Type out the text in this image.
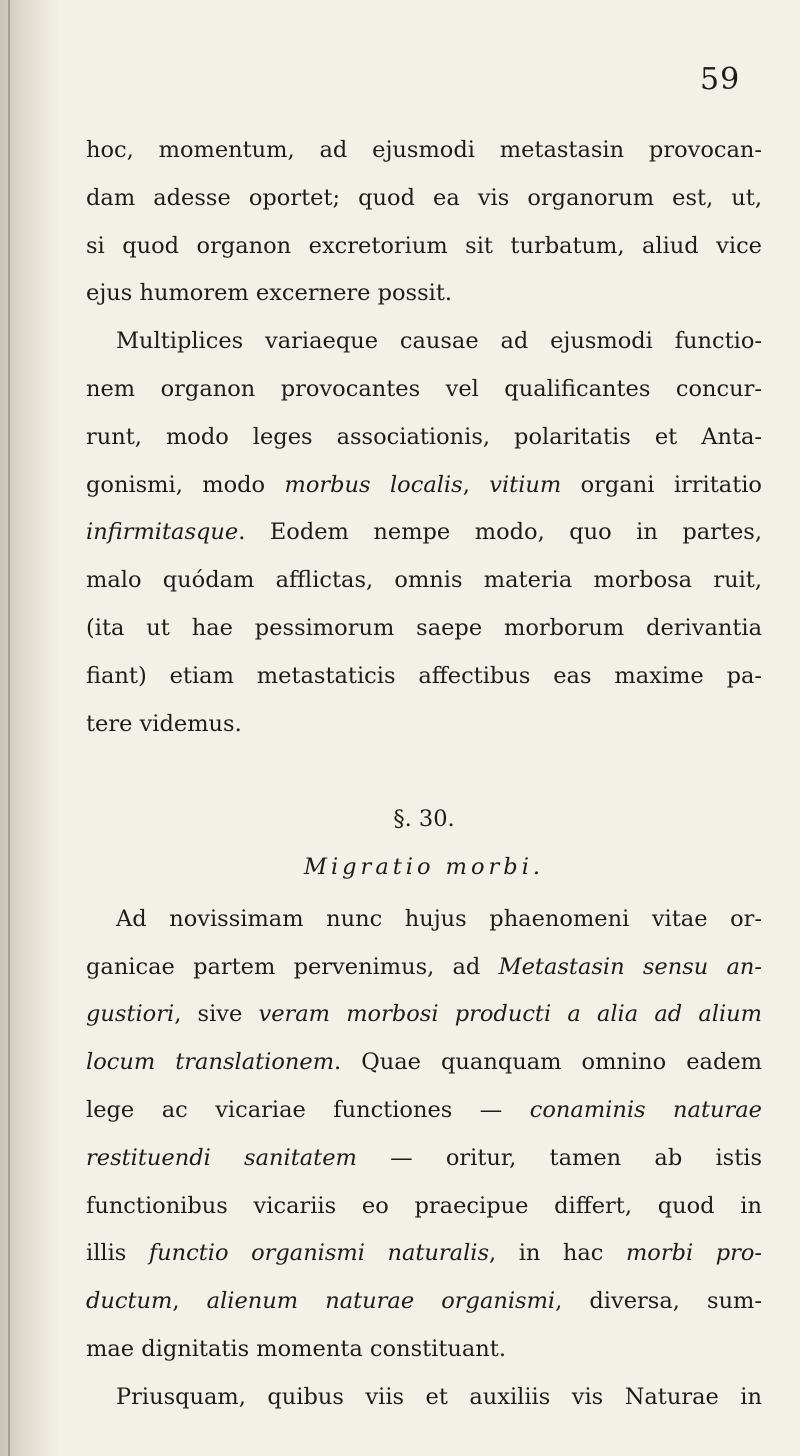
59
hoc, momentum, ad ejusmodi metastasin provocan-
dam adesse oportet; quod ea vis organorum est, ut,
si quod organon excretorium sit turbatum, aliud vice
ejus humorem excernere possit.
Multiplices variaeque causae ad ejusmodi functio-
nem organon provocantes vel qualificantes concur-
runt, modo leges associationis, polaritatis et Anta-
gonismi, modo morbus localis, vitium organi irritatio
infirmitasque. Eodem nempe modo, quo in partes,
malo quódam afflictas, omnis materia morbosa ruit,
(ita ut hae pessimorum saepe morborum derivantia
fiant) etiam metastaticis affectibus eas maxime pa-
tere videmus.
§. 30.
Migratio morbi.
Ad novissimam nunc hujus phaenomeni vitae or-
ganicae partem pervenimus, ad Metastasin sensu an-
gustiori, sive veram morbosi producti a alia ad alium
locum translationem. Quae quanquam omnino eadem
lege ac vicariae functiones — conaminis naturae
restituendi sanitatem — oritur, tamen ab istis
functionibus vicariis eo praecipue differt, quod in
illis functio organismi naturalis, in hac morbi pro-
ductum, alienum naturae organismi, diversa, sum-
mae dignitatis momenta constituant.
Priusquam, quibus viis et auxiliis vis Naturae in
